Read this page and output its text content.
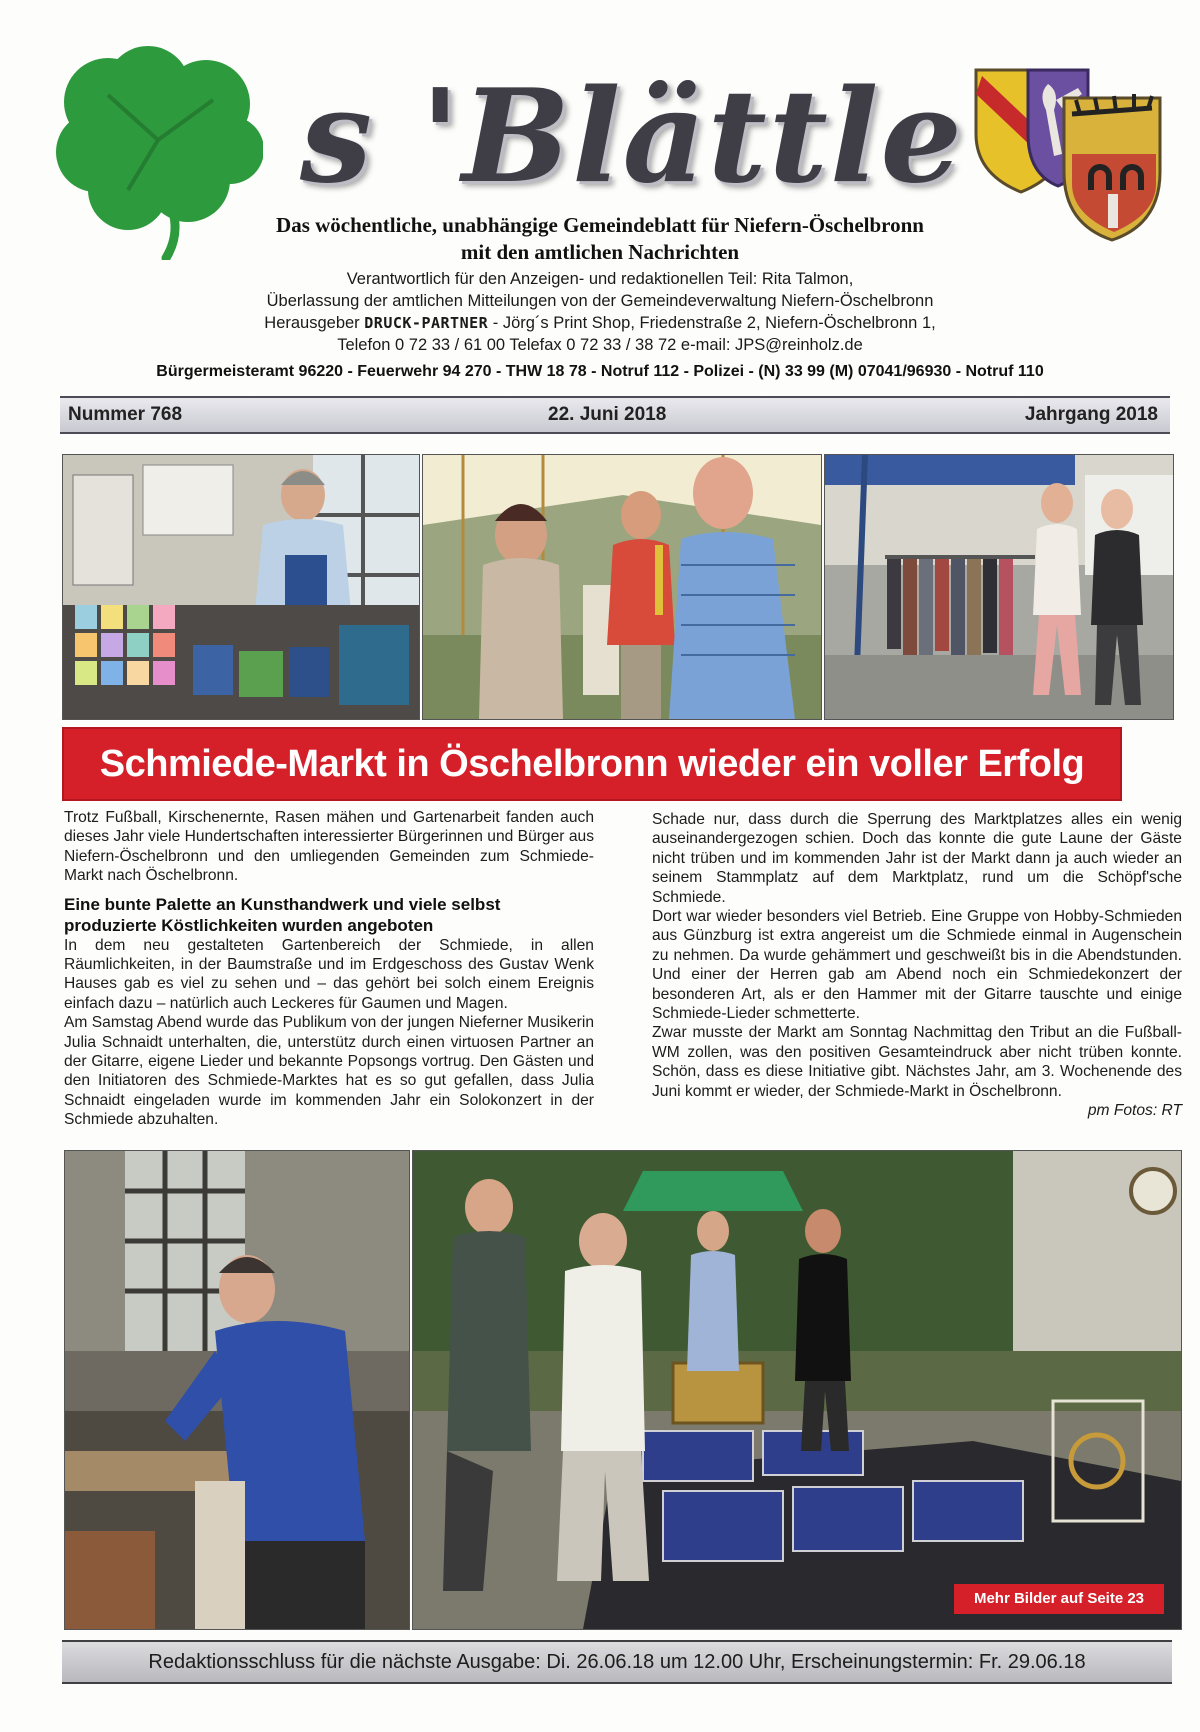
s 'Blättle
Das wöchentliche, unabhängige Gemeindeblatt für Niefern-Öschelbronn
mit den amtlichen Nachrichten
Verantwortlich für den Anzeigen- und redaktionellen Teil: Rita Talmon,
Überlassung der amtlichen Mitteilungen von der Gemeindeverwaltung Niefern-Öschelbronn
Herausgeber DRUCK-PARTNER - Jörg´s Print Shop, Friedenstraße 2, Niefern-Öschelbronn 1,
Telefon 0 72 33 / 61 00 Telefax 0 72 33 / 38 72 e-mail: JPS@reinholz.de
Bürgermeisteramt 96220 - Feuerwehr 94 270 - THW 18 78 - Notruf 112 - Polizei - (N) 33 99 (M) 07041/96930 - Notruf 110
Nummer 768	22. Juni 2018	Jahrgang 2018
Schmiede-Markt in Öschelbronn wieder ein voller Erfolg

Trotz Fußball, Kirschenernte, Rasen mähen und Gartenarbeit fanden auch dieses Jahr viele Hundertschaften interessierter Bürgerinnen und Bürger aus Niefern-Öschelbronn und den umliegenden Gemeinden zum Schmiede-Markt nach Öschelbronn.

Eine bunte Palette an Kunsthandwerk und viele selbst produzierte Köstlichkeiten wurden angeboten

In dem neu gestalteten Gartenbereich der Schmiede, in allen Räumlichkeiten, in der Baumstraße und im Erdgeschoss des Gustav Wenk Hauses gab es viel zu sehen und – das gehört bei solch einem Ereignis einfach dazu – natürlich auch Leckeres für Gaumen und Magen.

Am Samstag Abend wurde das Publikum von der jungen Nieferner Musikerin Julia Schnaidt unterhalten, die, unterstütz durch einen virtuosen Partner an der Gitarre, eigene Lieder und bekannte Popsongs vortrug. Den Gästen und den Initiatoren des Schmiede-Marktes hat es so gut gefallen, dass Julia Schnaidt eingeladen wurde im kommenden Jahr ein Solokonzert in der Schmiede abzuhalten.

Schade nur, dass durch die Sperrung des Marktplatzes alles ein wenig auseinandergezogen schien. Doch das konnte die gute Laune der Gäste nicht trüben und im kommenden Jahr ist der Markt dann ja auch wieder an seinem Stammplatz auf dem Marktplatz, rund um die Schöpf'sche Schmiede.

Dort war wieder besonders viel Betrieb. Eine Gruppe von Hobby-Schmieden aus Günzburg ist extra angereist um die Schmiede einmal in Augenschein zu nehmen. Da wurde gehämmert und geschweißt bis in die Abendstunden. Und einer der Herren gab am Abend noch ein Schmiedekonzert der besonderen Art, als er den Hammer mit der Gitarre tauschte und einige Schmiede-Lieder schmetterte.

Zwar musste der Markt am Sonntag Nachmittag den Tribut an die Fußball-WM zollen, was den positiven Gesamteindruck aber nicht trüben konnte. Schön, dass es diese Initiative gibt. Nächstes Jahr, am 3. Wochenende des Juni kommt er wieder, der Schmiede-Markt in Öschelbronn.

pm Fotos: RT

Mehr Bilder auf Seite 23
Redaktionsschluss für die nächste Ausgabe: Di. 26.06.18 um 12.00 Uhr, Erscheinungstermin: Fr. 29.06.18
